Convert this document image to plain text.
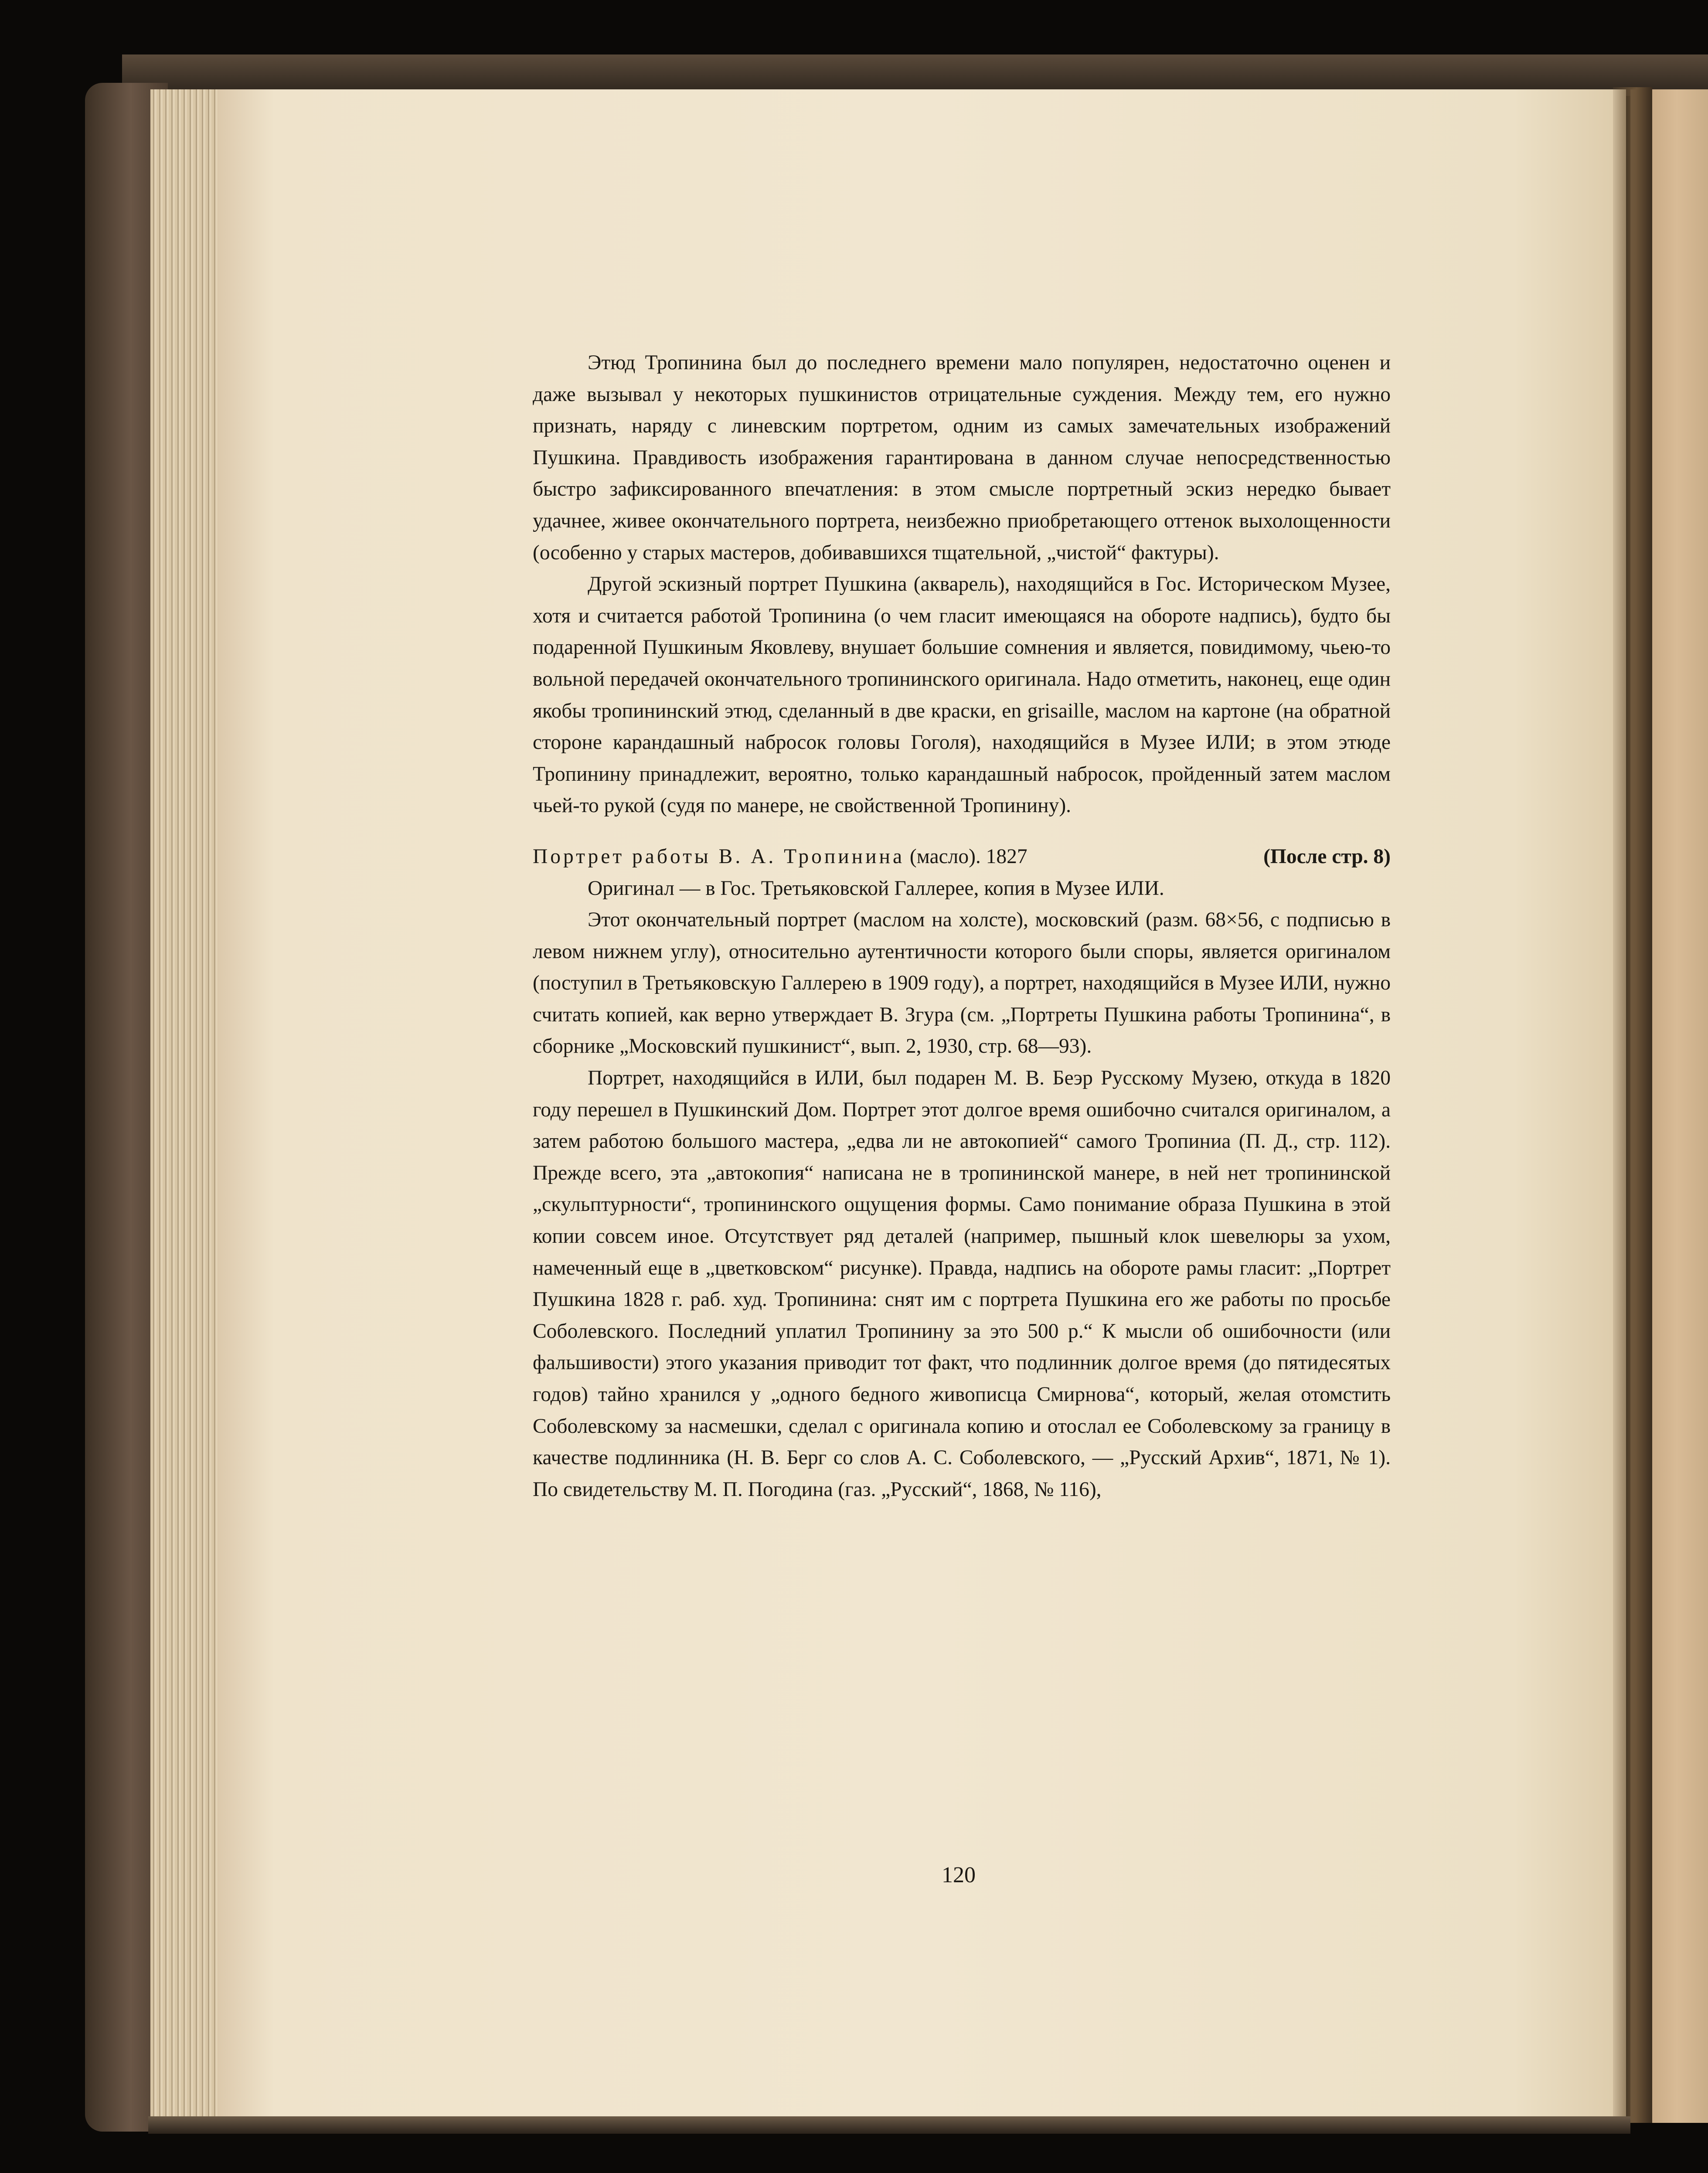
Этюд Тропинина был до последнего времени мало популярен, недостаточно оценен и даже вызывал у некоторых пушкинистов отрицательные суждения. Между тем, его нужно признать, наряду с линевским портретом, одним из самых замечательных изображений Пушкина. Правдивость изображения гарантирована в данном случае непосредственностью быстро зафиксированного впечатления: в этом смысле портретный эскиз нередко бывает удачнее, живее окончательного портрета, неизбежно приобретающего оттенок выхолощенности (особенно у старых мастеров, добивавшихся тщательной, „чистой“ фактуры).

Другой эскизный портрет Пушкина (акварель), находящийся в Гос. Историческом Музее, хотя и считается работой Тропинина (о чем гласит имеющаяся на обороте надпись), будто бы подаренной Пушкиным Яковлеву, внушает большие сомнения и является, повидимому, чьею-то вольной передачей окончательного тропининского оригинала. Надо отметить, наконец, еще один якобы тропининский этюд, сделанный в две краски, en grisaille, маслом на картоне (на обратной стороне карандашный набросок головы Гоголя), находящийся в Музее ИЛИ; в этом этюде Тропинину принадлежит, вероятно, только карандашный набросок, пройденный затем маслом чьей-то рукой (судя по манере, не свойственной Тропинину).

Портрет работы В. А. Тропинина (масло). 1827	(После стр. 8)

Оригинал — в Гос. Третьяковской Галлерее, копия в Музее ИЛИ.

Этот окончательный портрет (маслом на холсте), московский (разм. 68×56, с подписью в левом нижнем углу), относительно аутентичности которого были споры, является оригиналом (поступил в Третьяковскую Галлерею в 1909 году), а портрет, находящийся в Музее ИЛИ, нужно считать копией, как верно утверждает В. Згура (см. „Портреты Пушкина работы Тропинина“, в сборнике „Московский пушкинист“, вып. 2, 1930, стр. 68—93).

Портрет, находящийся в ИЛИ, был подарен М. В. Беэр Русскому Музею, откуда в 1820 году перешел в Пушкинский Дом. Портрет этот долгое время ошибочно считался оригиналом, а затем работою большого мастера, „едва ли не автокопией“ самого Тропиниа (П. Д., стр. 112). Прежде всего, эта „автокопия“ написана не в тропининской манере, в ней нет тропининской „скульптурности“, тропининского ощущения формы. Само понимание образа Пушкина в этой копии совсем иное. Отсутствует ряд деталей (например, пышный клок шевелюры за ухом, намеченный еще в „цветковском“ рисунке). Правда, надпись на обороте рамы гласит: „Портрет Пушкина 1828 г. раб. худ. Тропинина: снят им с портрета Пушкина его же работы по просьбе Соболевского. Последний уплатил Тропинину за это 500 р.“ К мысли об ошибочности (или фальшивости) этого указания приводит тот факт, что подлинник долгое время (до пятидесятых годов) тайно хранился у „одного бедного живописца Смирнова“, который, желая отомстить Соболевскому за насмешки, сделал с оригинала копию и отослал ее Соболевскому за границу в качестве подлинника (Н. В. Берг со слов А. С. Соболевского, — „Русский Архив“, 1871, № 1). По свидетельству М. П. Погодина (газ. „Русский“, 1868, № 116),

120
